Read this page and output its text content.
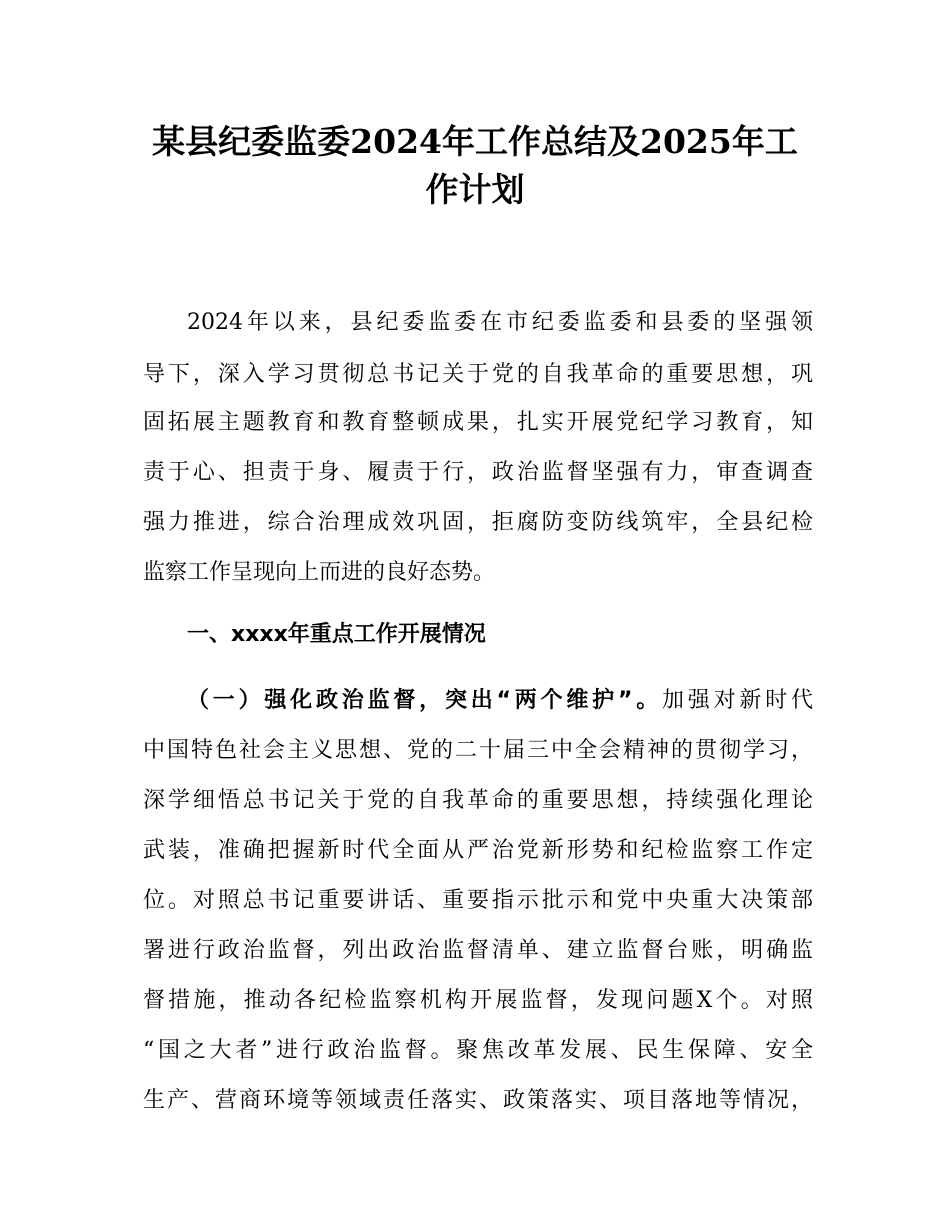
某县纪委监委2024年工作总结及2025年工
作计划
2024年以来，县纪委监委在市纪委监委和县委的坚强领
导下，深入学习贯彻总书记关于党的自我革命的重要思想，巩
固拓展主题教育和教育整顿成果，扎实开展党纪学习教育，知
责于心、担责于身、履责于行，政治监督坚强有力，审查调查
强力推进，综合治理成效巩固，拒腐防变防线筑牢，全县纪检
监察工作呈现向上而进的良好态势。
一、xxxx年重点工作开展情况
（一）强化政治监督，突出“两个维护”。加强对新时代
中国特色社会主义思想、党的二十届三中全会精神的贯彻学习，
深学细悟总书记关于党的自我革命的重要思想，持续强化理论
武装，准确把握新时代全面从严治党新形势和纪检监察工作定
位。对照总书记重要讲话、重要指示批示和党中央重大决策部
署进行政治监督，列出政治监督清单、建立监督台账，明确监
督措施，推动各纪检监察机构开展监督，发现问题X个。对照
“国之大者”进行政治监督。聚焦改革发展、民生保障、安全
生产、营商环境等领域责任落实、政策落实、项目落地等情况，
